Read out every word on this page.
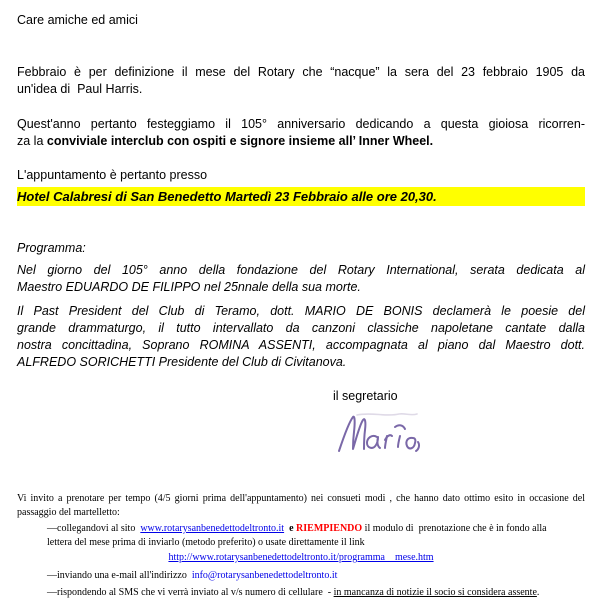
Care amiche ed amici

Febbraio è per definizione il mese del Rotary che “nacque” la sera del 23 febbraio 1905 da
un'idea di  Paul Harris.
Quest'anno pertanto festeggiamo il 105° anniversario dedicando a questa gioiosa ricorren-
za la conviviale interclub con ospiti e signore insieme all’ Inner Wheel.

L'appuntamento è pertanto presso

Hotel Calabresi di San Benedetto Martedì 23 Febbraio alle ore 20,30.

Programma:

Nel giorno del 105° anno della fondazione del Rotary International, serata dedicata al
Maestro EDUARDO DE FILIPPO nel 25nnale della sua morte.
Il Past President del Club di Teramo, dott. MARIO DE BONIS declamerà le poesie del
grande drammaturgo, il tutto intervallato da canzoni classiche napoletane cantate dalla
nostra concittadina, Soprano ROMINA ASSENTI, accompagnata al piano dal Maestro dott.
ALFREDO SORICHETTI Presidente del Club di Civitanova.

il segretario

Vi invito a prenotare per tempo (4/5 giorni prima dell'appuntamento) nei consueti modi , che hanno dato ottimo esito in occasione del
passaggio del martelletto:
—collegandovi al sito  www.rotarysanbenedettodeltronto.it  e RIEMPIENDO il modulo di  prenotazione che è in fondo alla
lettera del mese prima di inviarlo (metodo preferito) o usate direttamente il link
http://www.rotarysanbenedettodeltronto.it/programma__mese.htm
—inviando una e-mail all'indirizzo  info@rotarysanbenedettodeltronto.it
—rispondendo al SMS che vi verrà inviato al v/s numero di cellulare  - in mancanza di notizie il socio si considera assente.
